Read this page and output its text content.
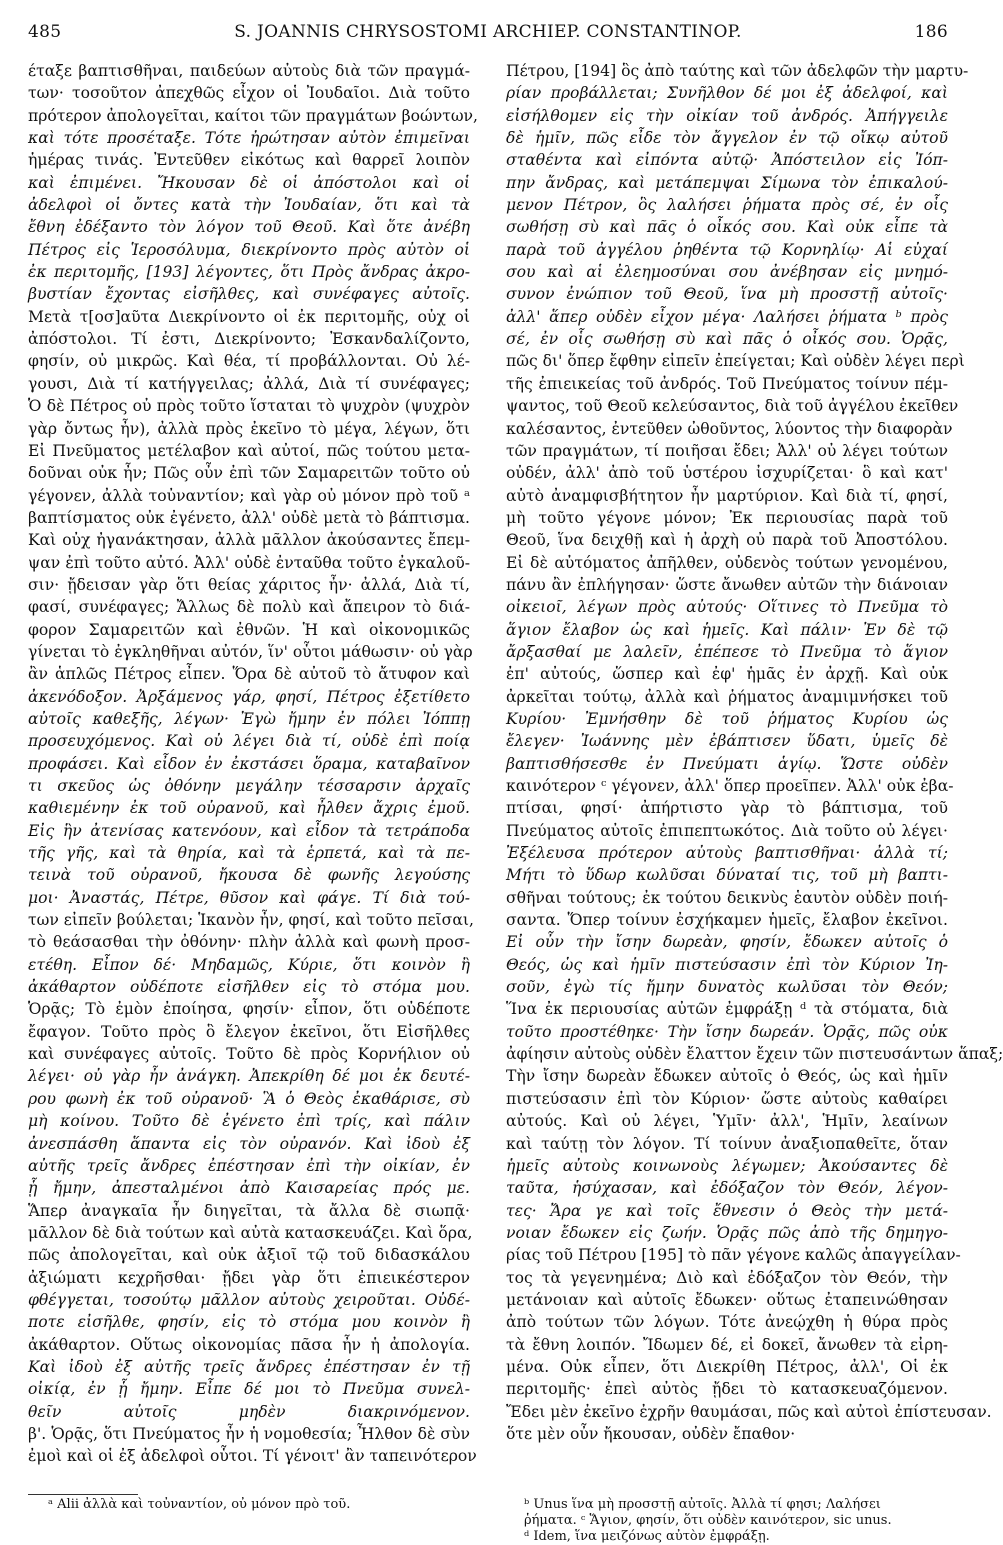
485	S. JOANNIS CHRYSOSTOMI ARCHIEP. CONSTANTINOP.	186
έταξε βαπτισθῆναι, παιδεύων αὐτοὺς διὰ τῶν πραγμά-
των· τοσοῦτον ἀπεχθῶς εἶχον οἱ Ἰουδαῖοι. Διὰ τοῦτο
πρότερον ἀπολογεῖται, καίτοι τῶν πραγμάτων βοώντων,
καὶ τότε προσέταξε. Τότε ἠρώτησαν αὐτὸν ἐπιμεῖναι
ἡμέρας τινάς. Ἐντεῦθεν εἰκότως καὶ θαρρεῖ λοιπὸν
καὶ ἐπιμένει. Ἤκουσαν δὲ οἱ ἀπόστολοι καὶ οἱ
ἀδελφοὶ οἱ ὄντες κατὰ τὴν Ἰουδαίαν, ὅτι καὶ τὰ
ἔθνη ἐδέξαντο τὸν λόγον τοῦ Θεοῦ. Καὶ ὅτε ἀνέβη
Πέτρος εἰς Ἱεροσόλυμα, διεκρίνοντο πρὸς αὐτὸν οἱ
ἐκ περιτομῆς, [193] λέγοντες, ὅτι Πρὸς ἄνδρας ἀκρο-
βυστίαν ἔχοντας εἰσῆλθες, καὶ συνέφαγες αὐτοῖς.
Μετὰ τ[οσ]αῦτα Διεκρίνοντο οἱ ἐκ περιτομῆς, οὐχ οἱ
ἀπόστολοι. Τί ἐστι, Διεκρίνοντο; Ἐσκανδαλίζοντο,
φησίν, οὐ μικρῶς. Καὶ θέα, τί προβάλλονται. Οὐ λέ-
γουσι, Διὰ τί κατήγγειλας; ἀλλά, Διὰ τί συνέφαγες;
Ὁ δὲ Πέτρος οὐ πρὸς τοῦτο ἵσταται τὸ ψυχρὸν (ψυχρὸν
γὰρ ὄντως ἦν), ἀλλὰ πρὸς ἐκεῖνο τὸ μέγα, λέγων, ὅτι
Εἰ Πνεῦματος μετέλαβον καὶ αὐτοί, πῶς τούτου μετα-
δοῦναι οὐκ ἦν; Πῶς οὖν ἐπὶ τῶν Σαμαρειτῶν τοῦτο οὐ
γέγονεν, ἀλλὰ τοὐναντίον; καὶ γὰρ οὐ μόνον πρὸ τοῦ ᵃ
βαπτίσματος οὐκ ἐγένετο, ἀλλ' οὐδὲ μετὰ τὸ βάπτισμα.
Καὶ οὐχ ἠγανάκτησαν, ἀλλὰ μᾶλλον ἀκούσαντες ἔπεμ-
ψαν ἐπὶ τοῦτο αὐτό. Ἀλλ' οὐδὲ ἐνταῦθα τοῦτο ἐγκαλοῦ-
σιν· ᾔδεισαν γὰρ ὅτι θείας χάριτος ἦν· ἀλλά, Διὰ τί,
φασί, συνέφαγες; Ἄλλως δὲ πολὺ καὶ ἄπειρον τὸ διά-
φορον Σαμαρειτῶν καὶ ἐθνῶν. Ἡ καὶ οἰκονομικῶς
γίνεται τὸ ἐγκληθῆναι αὐτόν, ἵν' οὗτοι μάθωσιν· οὐ γὰρ
ἂν ἁπλῶς Πέτρος εἶπεν. Ὅρα δὲ αὐτοῦ τὸ ἄτυφον καὶ
ἀκενόδοξον. Ἀρξάμενος γάρ, φησί, Πέτρος ἐξετίθετο
αὐτοῖς καθεξῆς, λέγων· Ἐγὼ ἤμην ἐν πόλει Ἰόππῃ
προσευχόμενος. Καὶ οὐ λέγει διὰ τί, οὐδὲ ἐπὶ ποίᾳ
προφάσει. Καὶ εἶδον ἐν ἐκστάσει ὅραμα, καταβαῖνον
τι σκεῦος ὡς ὀθόνην μεγάλην τέσσαρσιν ἀρχαῖς
καθιεμένην ἐκ τοῦ οὐρανοῦ, καὶ ἦλθεν ἄχρις ἐμοῦ.
Εἰς ἣν ἀτενίσας κατενόουν, καὶ εἶδον τὰ τετράποδα
τῆς γῆς, καὶ τὰ θηρία, καὶ τὰ ἑρπετά, καὶ τὰ πε-
τεινὰ τοῦ οὐρανοῦ, ἤκουσα δὲ φωνῆς λεγούσης
μοι· Ἀναστάς, Πέτρε, θῦσον καὶ φάγε. Τί διὰ τού-
των εἰπεῖν βούλεται; Ἱκανὸν ἦν, φησί, καὶ τοῦτο πεῖσαι,
τὸ θεάσασθαι τὴν ὀθόνην· πλὴν ἀλλὰ καὶ φωνὴ προσ-
ετέθη. Εἶπον δέ· Μηδαμῶς, Κύριε, ὅτι κοινὸν ἢ
ἀκάθαρτον οὐδέποτε εἰσῆλθεν εἰς τὸ στόμα μου.
Ὁρᾷς; Τὸ ἐμὸν ἐποίησα, φησίν· εἶπον, ὅτι οὐδέποτε
ἔφαγον. Τοῦτο πρὸς ὃ ἔλεγον ἐκεῖνοι, ὅτι Εἰσῆλθες
καὶ συνέφαγες αὐτοῖς. Τοῦτο δὲ πρὸς Κορνήλιον οὐ
λέγει· οὐ γὰρ ἦν ἀνάγκη. Ἀπεκρίθη δέ μοι ἐκ δευτέ-
ρου φωνὴ ἐκ τοῦ οὐρανοῦ· Ἃ ὁ Θεὸς ἐκαθάρισε, σὺ
μὴ κοίνου. Τοῦτο δὲ ἐγένετο ἐπὶ τρίς, καὶ πάλιν
ἀνεσπάσθη ἅπαντα εἰς τὸν οὐρανόν. Καὶ ἰδοὺ ἐξ
αὐτῆς τρεῖς ἄνδρες ἐπέστησαν ἐπὶ τὴν οἰκίαν, ἐν
ᾗ ἤμην, ἀπεσταλμένοι ἀπὸ Καισαρείας πρός με.
Ἅπερ ἀναγκαῖα ἦν διηγεῖται, τὰ ἄλλα δὲ σιωπᾷ·
μᾶλλον δὲ διὰ τούτων καὶ αὐτὰ κατασκευάζει. Καὶ ὅρα,
πῶς ἀπολογεῖται, καὶ οὐκ ἀξιοῖ τῷ τοῦ διδασκάλου
ἀξιώματι κεχρῆσθαι· ᾔδει γὰρ ὅτι ἐπιεικέστερον
φθέγγεται, τοσούτῳ μᾶλλον αὐτοὺς χειροῦται. Οὐδέ-
ποτε εἰσῆλθε, φησίν, εἰς τὸ στόμα μου κοινὸν ἢ
ἀκάθαρτον. Οὕτως οἰκονομίας πᾶσα ἦν ἡ ἀπολογία.
Καὶ ἰδοὺ ἐξ αὐτῆς τρεῖς ἄνδρες ἐπέστησαν ἐν τῇ
οἰκίᾳ, ἐν ᾗ ἤμην. Εἶπε δέ μοι τὸ Πνεῦμα συνελ-
θεῖν αὐτοῖς μηδὲν διακρινόμενον.
β'. Ὁρᾷς, ὅτι Πνεύματος ἦν ἡ νομοθεσία; Ἦλθον δὲ σὺν
ἐμοὶ καὶ οἱ ἐξ ἀδελφοὶ οὗτοι. Τί γένοιτ' ἂν ταπεινότερον
Πέτρου, [194] ὃς ἀπὸ ταύτης καὶ τῶν ἀδελφῶν τὴν μαρτυ-
ρίαν προβάλλεται; Συνῆλθον δέ μοι ἐξ ἀδελφοί, καὶ
εἰσήλθομεν εἰς τὴν οἰκίαν τοῦ ἀνδρός. Ἀπήγγειλε
δὲ ἡμῖν, πῶς εἶδε τὸν ἄγγελον ἐν τῷ οἴκῳ αὐτοῦ
σταθέντα καὶ εἰπόντα αὐτῷ· Ἀπόστειλον εἰς Ἰόπ-
πην ἄνδρας, καὶ μετάπεμψαι Σίμωνα τὸν ἐπικαλού-
μενον Πέτρον, ὃς λαλήσει ῥήματα πρὸς σέ, ἐν οἷς
σωθήσῃ σὺ καὶ πᾶς ὁ οἶκός σου. Καὶ οὐκ εἶπε τὰ
παρὰ τοῦ ἀγγέλου ῥηθέντα τῷ Κορνηλίῳ· Αἱ εὐχαί
σου καὶ αἱ ἐλεημοσύναι σου ἀνέβησαν εἰς μνημό-
συνον ἐνώπιον τοῦ Θεοῦ, ἵνα μὴ προσστῇ αὐτοῖς·
ἀλλ' ἅπερ οὐδὲν εἶχον μέγα· Λαλήσει ῥήματα ᵇ πρὸς
σέ, ἐν οἷς σωθήσῃ σὺ καὶ πᾶς ὁ οἶκός σου. Ὁρᾷς,
πῶς δι' ὅπερ ἔφθην εἰπεῖν ἐπείγεται; Καὶ οὐδὲν λέγει περὶ
τῆς ἐπιεικείας τοῦ ἀνδρός. Τοῦ Πνεύματος τοίνυν πέμ-
ψαντος, τοῦ Θεοῦ κελεύσαντος, διὰ τοῦ ἀγγέλου ἐκεῖθεν
καλέσαντος, ἐντεῦθεν ὠθοῦντος, λύοντος τὴν διαφορὰν
τῶν πραγμάτων, τί ποιῆσαι ἔδει; Ἀλλ' οὐ λέγει τούτων
οὐδέν, ἀλλ' ἀπὸ τοῦ ὑστέρου ἰσχυρίζεται· ὃ καὶ κατ'
αὐτὸ ἀναμφισβήτητον ἦν μαρτύριον. Καὶ διὰ τί, φησί,
μὴ τοῦτο γέγονε μόνον; Ἐκ περιουσίας παρὰ τοῦ
Θεοῦ, ἵνα δειχθῇ καὶ ἡ ἀρχὴ οὐ παρὰ τοῦ Ἀποστόλου.
Εἰ δὲ αὐτόματος ἀπῆλθεν, οὐδενὸς τούτων γενομένου,
πάνυ ἂν ἐπλήγησαν· ὥστε ἄνωθεν αὐτῶν τὴν διάνοιαν
οἰκειοῖ, λέγων πρὸς αὐτούς· Οἵτινες τὸ Πνεῦμα τὸ
ἅγιον ἔλαβον ὡς καὶ ἡμεῖς. Καὶ πάλιν· Ἐν δὲ τῷ
ἄρξασθαί με λαλεῖν, ἐπέπεσε τὸ Πνεῦμα τὸ ἅγιον
ἐπ' αὐτούς, ὥσπερ καὶ ἐφ' ἡμᾶς ἐν ἀρχῇ. Καὶ οὐκ
ἀρκεῖται τούτῳ, ἀλλὰ καὶ ῥήματος ἀναμιμνήσκει τοῦ
Κυρίου· Ἐμνήσθην δὲ τοῦ ῥήματος Κυρίου ὡς
ἔλεγεν· Ἰωάννης μὲν ἐβάπτισεν ὕδατι, ὑμεῖς δὲ
βαπτισθήσεσθε ἐν Πνεύματι ἁγίῳ. Ὥστε οὐδὲν
καινότερον ᶜ γέγονεν, ἀλλ' ὅπερ προεῖπεν. Ἀλλ' οὐκ ἐβα-
πτίσαι, φησί· ἀπήρτιστο γὰρ τὸ βάπτισμα, τοῦ
Πνεύματος αὐτοῖς ἐπιπεπτωκότος. Διὰ τοῦτο οὐ λέγει·
Ἐξέλευσα πρότερον αὐτοὺς βαπτισθῆναι· ἀλλὰ τί;
Μήτι τὸ ὕδωρ κωλῦσαι δύναταί τις, τοῦ μὴ βαπτι-
σθῆναι τούτους; ἐκ τούτου δεικνὺς ἑαυτὸν οὐδὲν ποιή-
σαντα. Ὅπερ τοίνυν ἐσχήκαμεν ἡμεῖς, ἔλαβον ἐκεῖνοι.
Εἰ οὖν τὴν ἴσην δωρεὰν, φησίν, ἔδωκεν αὐτοῖς ὁ
Θεός, ὡς καὶ ἡμῖν πιστεύσασιν ἐπὶ τὸν Κύριον Ἰη-
σοῦν, ἐγὼ τίς ἤμην δυνατὸς κωλῦσαι τὸν Θεόν;
Ἵνα ἐκ περιουσίας αὐτῶν ἐμφράξῃ ᵈ τὰ στόματα, διὰ
τοῦτο προστέθηκε· Τὴν ἴσην δωρεάν. Ὁρᾷς, πῶς οὐκ
ἀφίησιν αὐτοὺς οὐδὲν ἔλαττον ἔχειν τῶν πιστευσάντων ἅπαξ;
Τὴν ἴσην δωρεὰν ἔδωκεν αὐτοῖς ὁ Θεός, ὡς καὶ ἡμῖν
πιστεύσασιν ἐπὶ τὸν Κύριον· ὥστε αὐτοὺς καθαίρει
αὐτούς. Καὶ οὐ λέγει, Ὑμῖν· ἀλλ', Ἡμῖν, λεαίνων
καὶ ταύτῃ τὸν λόγον. Τί τοίνυν ἀναξιοπαθεῖτε, ὅταν
ἡμεῖς αὐτοὺς κοινωνοὺς λέγωμεν; Ἀκούσαντες δὲ
ταῦτα, ἡσύχασαν, καὶ ἐδόξαζον τὸν Θεόν, λέγον-
τες· Ἄρα γε καὶ τοῖς ἔθνεσιν ὁ Θεὸς τὴν μετά-
νοιαν ἔδωκεν εἰς ζωήν. Ὁρᾷς πῶς ἀπὸ τῆς δημηγο-
ρίας τοῦ Πέτρου [195] τὸ πᾶν γέγονε καλῶς ἀπαγγείλαν-
τος τὰ γεγενημένα; Διὸ καὶ ἐδόξαζον τὸν Θεόν, τὴν
μετάνοιαν καὶ αὐτοῖς ἔδωκεν· οὕτως ἐταπεινώθησαν
ἀπὸ τούτων τῶν λόγων. Τότε ἀνεῴχθη ἡ θύρα πρὸς
τὰ ἔθνη λοιπόν. Ἴδωμεν δέ, εἰ δοκεῖ, ἄνωθεν τὰ εἰρη-
μένα. Οὐκ εἶπεν, ὅτι Διεκρίθη Πέτρος, ἀλλ', Οἱ ἐκ
περιτομῆς· ἐπεὶ αὐτὸς ᾔδει τὸ κατασκευαζόμενον.
Ἔδει μὲν ἐκεῖνο ἐχρῆν θαυμάσαι, πῶς καὶ αὐτοὶ ἐπίστευσαν.
ὅτε μὲν οὖν ἤκουσαν, οὐδὲν ἔπαθον·
ᵃ Alii ἀλλὰ καὶ τοὐναντίον, οὐ μόνον πρὸ τοῦ.	ᵇ Unus ἵνα μὴ προσστῇ αὐτοῖς. Ἀλλὰ τί φησι; Λαλήσει
ῥήματα. ᶜ Ἅγιον, φησίν, ὅτι οὐδὲν καινότερον, sic unus.
ᵈ Idem, ἵνα μειζόνως αὐτὸν ἐμφράξῃ.
